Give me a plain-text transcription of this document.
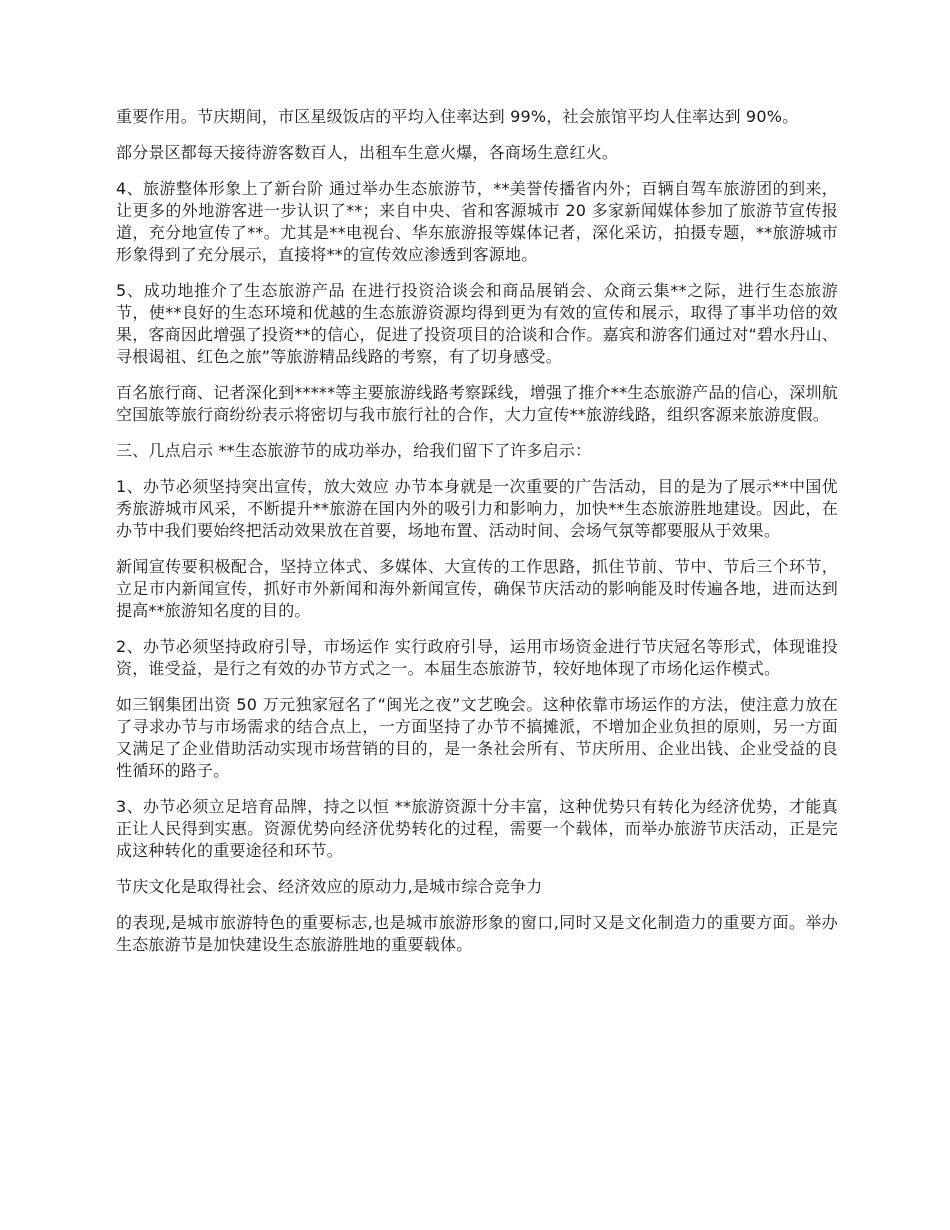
重要作用。节庆期间，市区星级饭店的平均入住率达到 99%，社会旅馆平均人住率达到 90%。

部分景区都每天接待游客数百人，出租车生意火爆，各商场生意红火。

4、旅游整体形象上了新台阶 通过举办生态旅游节，**美誉传播省内外；百辆自驾车旅游团的到来，让更多的外地游客进一步认识了**；来自中央、省和客源城市 20 多家新闻媒体参加了旅游节宣传报道，充分地宣传了**。尤其是**电视台、华东旅游报等媒体记者，深化采访，拍摄专题，**旅游城市形象得到了充分展示，直接将**的宣传效应渗透到客源地。

5、成功地推介了生态旅游产品 在进行投资洽谈会和商品展销会、众商云集**之际，进行生态旅游节，使**良好的生态环境和优越的生态旅游资源均得到更为有效的宣传和展示，取得了事半功倍的效果，客商因此增强了投资**的信心，促进了投资项目的洽谈和合作。嘉宾和游客们通过对“碧水丹山、寻根谒祖、红色之旅”等旅游精品线路的考察，有了切身感受。

百名旅行商、记者深化到*****等主要旅游线路考察踩线，增强了推介**生态旅游产品的信心，深圳航空国旅等旅行商纷纷表示将密切与我市旅行社的合作，大力宣传**旅游线路，组织客源来旅游度假。

三、几点启示 **生态旅游节的成功举办，给我们留下了许多启示：

1、办节必须坚持突出宣传，放大效应 办节本身就是一次重要的广告活动，目的是为了展示**中国优秀旅游城市风采，不断提升**旅游在国内外的吸引力和影响力，加快**生态旅游胜地建设。因此，在办节中我们要始终把活动效果放在首要，场地布置、活动时间、会场气氛等都要服从于效果。

新闻宣传要积极配合，坚持立体式、多媒体、大宣传的工作思路，抓住节前、节中、节后三个环节，立足市内新闻宣传，抓好市外新闻和海外新闻宣传，确保节庆活动的影响能及时传遍各地，进而达到提高**旅游知名度的目的。

2、办节必须坚持政府引导，市场运作 实行政府引导，运用市场资金进行节庆冠名等形式，体现谁投资，谁受益，是行之有效的办节方式之一。本届生态旅游节，较好地体现了市场化运作模式。

如三钢集团出资 50 万元独家冠名了“闽光之夜”文艺晚会。这种依靠市场运作的方法，使注意力放在了寻求办节与市场需求的结合点上，一方面坚持了办节不搞摊派，不增加企业负担的原则，另一方面又满足了企业借助活动实现市场营销的目的，是一条社会所有、节庆所用、企业出钱、企业受益的良性循环的路子。

3、办节必须立足培育品牌，持之以恒 **旅游资源十分丰富，这种优势只有转化为经济优势，才能真正让人民得到实惠。资源优势向经济优势转化的过程，需要一个载体，而举办旅游节庆活动，正是完成这种转化的重要途径和环节。

节庆文化是取得社会、经济效应的原动力,是城市综合竞争力

的表现,是城市旅游特色的重要标志,也是城市旅游形象的窗口,同时又是文化制造力的重要方面。举办生态旅游节是加快建设生态旅游胜地的重要载体。
